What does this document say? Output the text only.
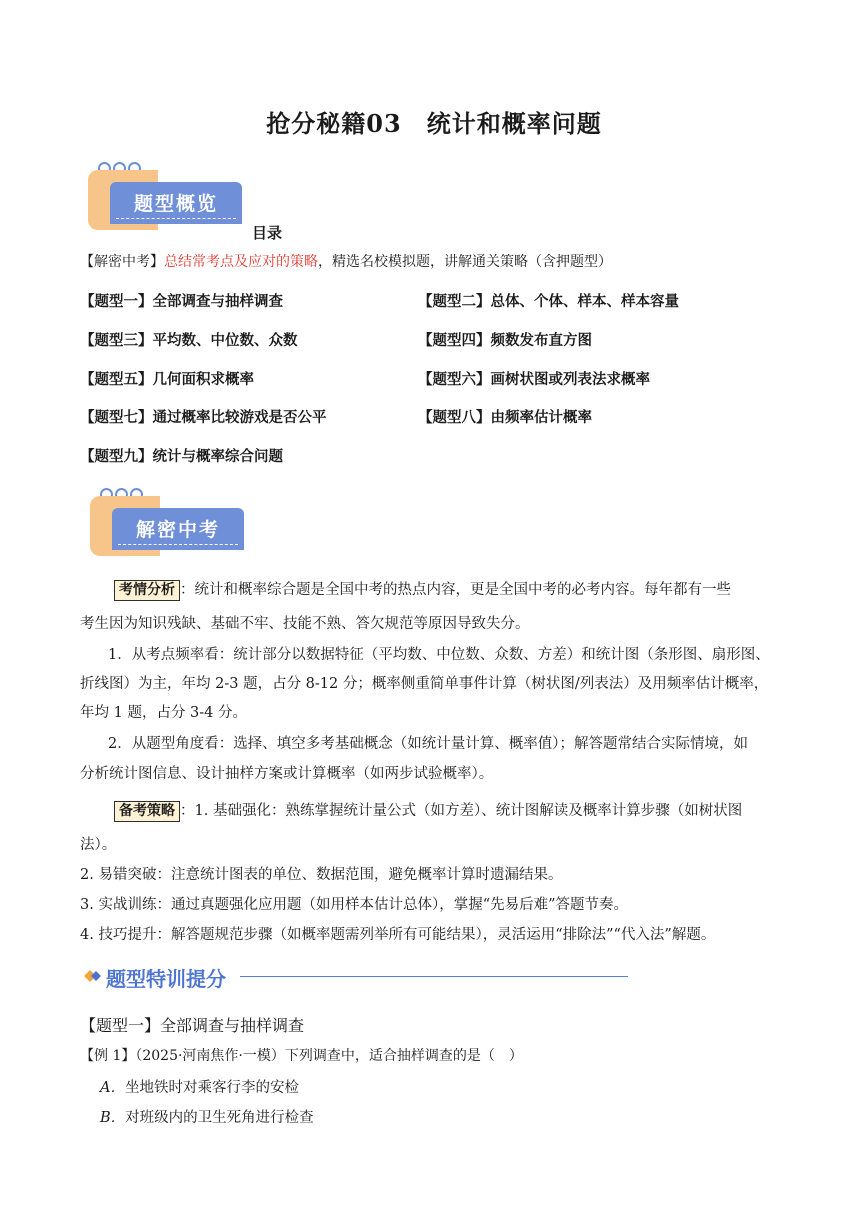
抢分秘籍03　统计和概率问题
题型概览
目录
【解密中考】总结常考点及应对的策略，精选名校模拟题，讲解通关策略（含押题型）
【题型一】全部调查与抽样调查	【题型二】总体、个体、样本、样本容量
【题型三】平均数、中位数、众数	【题型四】频数发布直方图
【题型五】几何面积求概率	【题型六】画树状图或列表法求概率
【题型七】通过概率比较游戏是否公平	【题型八】由频率估计概率
【题型九】统计与概率综合问题
解密中考
考情分析 ：统计和概率综合题是全国中考的热点内容，更是全国中考的必考内容。每年都有一些
考生因为知识残缺、基础不牢、技能不熟、答欠规范等原因导致失分。
1．从考点频率看：统计部分以数据特征（平均数、中位数、众数、方差）和统计图（条形图、扇形图、
折线图）为主，年均 2-3 题，占分 8-12 分；概率侧重简单事件计算（树状图/列表法）及用频率估计概率，
年均 1 题，占分 3-4 分。
2．从题型角度看：选择、填空多考基础概念（如统计量计算、概率值）；解答题常结合实际情境，如
分析统计图信息、设计抽样方案或计算概率（如两步试验概率）。
备考策略 ：1. 基础强化：熟练掌握统计量公式（如方差）、统计图解读及概率计算步骤（如树状图
法）。
2. 易错突破：注意统计图表的单位、数据范围，避免概率计算时遗漏结果。
3. 实战训练：通过真题强化应用题（如用样本估计总体），掌握“先易后难”答题节奏。
4. 技巧提升：解答题规范步骤（如概率题需列举所有可能结果），灵活运用“排除法”“代入法”解题。
题型特训提分
【题型一】全部调查与抽样调查
【例 1】（2025·河南焦作·一模）下列调查中，适合抽样调查的是（　）
A．坐地铁时对乘客行李的安检
B．对班级内的卫生死角进行检查
